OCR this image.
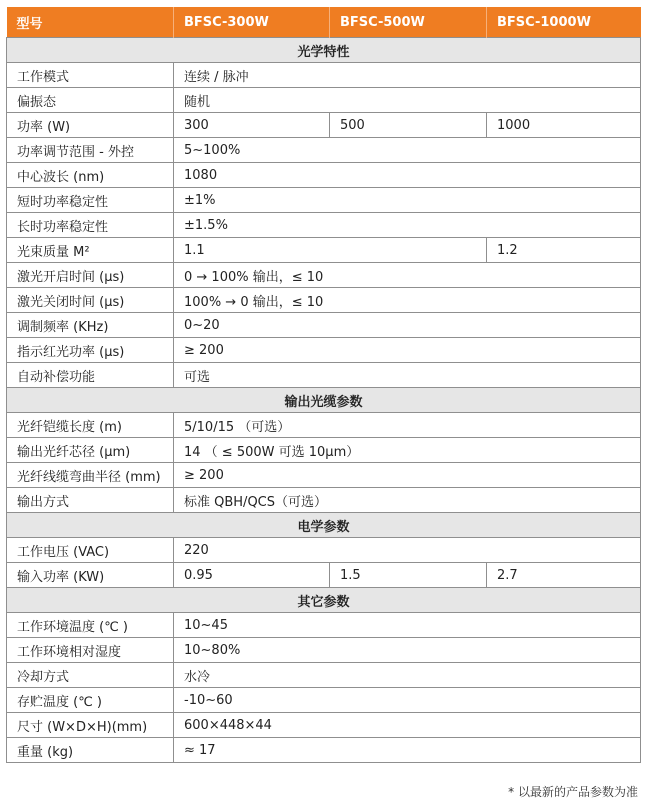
型号	BFSC-300W	BFSC-500W	BFSC-1000W
光学特性			
工作模式	连续 / 脉冲		
偏振态	随机		
功率 (W)	300	500	1000
功率调节范围 - 外控	5~100%		
中心波长 (nm)	1080		
短时功率稳定性	±1%		
长时功率稳定性	±1.5%		
光束质量 M²	1.1		1.2
激光开启时间 (μs)	0 → 100% 输出，≤ 10		
激光关闭时间 (μs)	100% → 0 输出，≤ 10		
调制频率 (KHz)	0~20		
指示红光功率 (μs)	≥ 200		
自动补偿功能	可选		
输出光缆参数			
光纤铠缆长度 (m)	5/10/15 （可选）		
输出光纤芯径 (μm)	14 （ ≤ 500W 可选 10μm）		
光纤线缆弯曲半径 (mm)	≥ 200		
输出方式	标准 QBH/QCS（可选）		
电学参数			
工作电压 (VAC)	220		
输入功率 (KW)	0.95	1.5	2.7
其它参数			
工作环境温度 (℃ )	10~45		
工作环境相对湿度	10~80%		
冷却方式	水冷		
存贮温度 (℃ )	-10~60		
尺寸 (W×D×H)(mm)	600×448×44		
重量 (kg)	≈ 17		
* 以最新的产品参数为准
